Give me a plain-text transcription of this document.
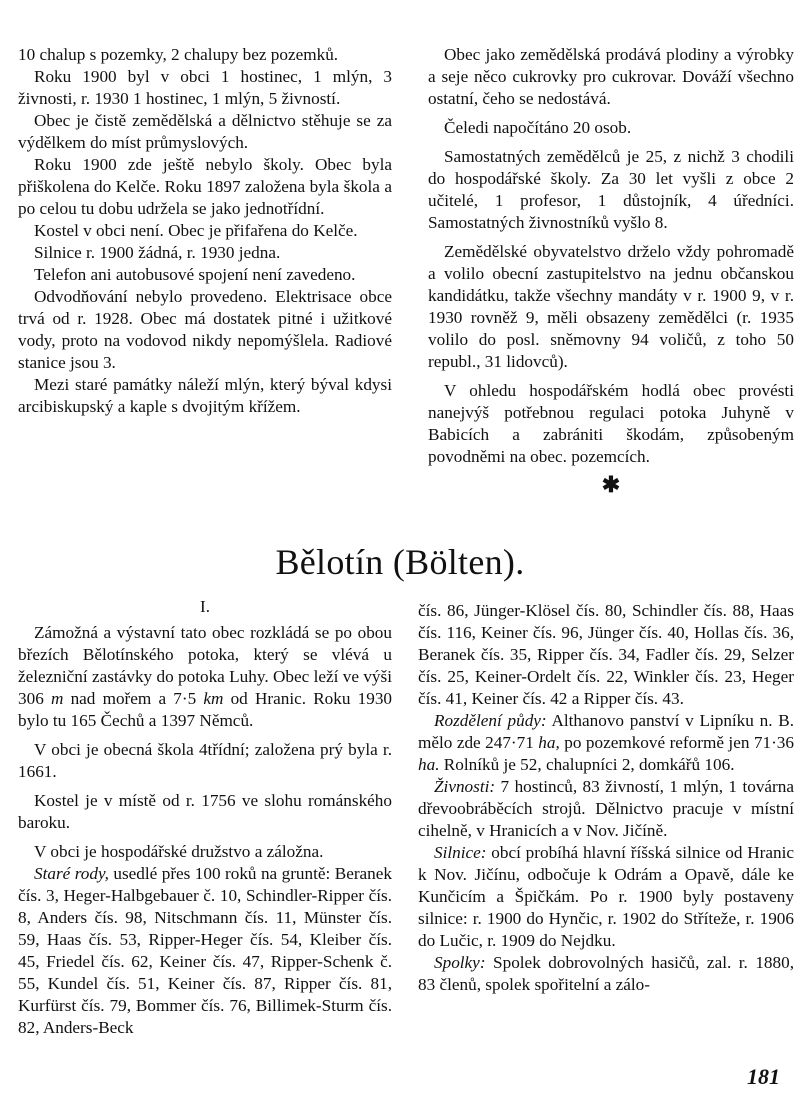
10 chalup s pozemky, 2 chalupy bez pozemků.

Roku 1900 byl v obci 1 hostinec, 1 mlýn, 3 živnosti, r. 1930 1 hostinec, 1 mlýn, 5 živností.

Obec je čistě zemědělská a dělnictvo stěhuje se za výdělkem do míst průmyslových.

Roku 1900 zde ještě nebylo školy. Obec byla přiškolena do Kelče. Roku 1897 založena byla škola a po celou tu dobu udržela se jako jednotřídní.

Kostel v obci není. Obec je přifařena do Kelče.

Silnice r. 1900 žádná, r. 1930 jedna.

Telefon ani autobusové spojení není zavedeno.

Odvodňování nebylo provedeno. Elektrisace obce trvá od r. 1928. Obec má dostatek pitné i užitkové vody, proto na vodovod nikdy nepomýšlela. Radiové stanice jsou 3.

Mezi staré památky náleží mlýn, který býval kdysi arcibiskupský a kaple s dvojitým křížem.

Obec jako zemědělská prodává plodiny a výrobky a seje něco cukrovky pro cukrovar. Dováží všechno ostatní, čeho se nedostává.

Čeledi napočítáno 20 osob.

Samostatných zemědělců je 25, z nichž 3 chodili do hospodářské školy. Za 30 let vyšli z obce 2 učitelé, 1 profesor, 1 důstojník, 4 úředníci. Samostatných živnostníků vyšlo 8.

Zemědělské obyvatelstvo drželo vždy pohromadě a volilo obecní zastupitelstvo na jednu občanskou kandidátku, takže všechny mandáty v r. 1900 9, v r. 1930 rovněž 9, měli obsazeny zemědělci (r. 1935 volilo do posl. sněmovny 94 voličů, z toho 50 republ., 31 lidovců).

V ohledu hospodářském hodlá obec provésti nanejvýš potřebnou regulaci potoka Juhyně v Babicích a zabrániti škodám, způsobeným povodněmi na obec. pozemcích.

✱
Bělotín (Bölten).
I.

Zámožná a výstavní tato obec rozkládá se po obou březích Bělotínského potoka, který se vlévá u železniční zastávky do potoka Luhy. Obec leží ve výši 306 m nad mořem a 7·5 km od Hranic. Roku 1930 bylo tu 165 Čechů a 1397 Němců.

V obci je obecná škola 4třídní; založena prý byla r. 1661.

Kostel je v místě od r. 1756 ve slohu románského baroku.

V obci je hospodářské družstvo a záložna.

Staré rody, usedlé přes 100 roků na gruntě: Beranek čís. 3, Heger-Halbgebauer č. 10, Schindler-Ripper čís. 8, Anders čís. 98, Nitschmann čís. 11, Münster čís. 59, Haas čís. 53, Ripper-Heger čís. 54, Kleiber čís. 45, Friedel čís. 62, Keiner čís. 47, Ripper-Schenk č. 55, Kundel čís. 51, Keiner čís. 87, Ripper čís. 81, Kurfürst čís. 79, Bommer čís. 76, Billimek-Sturm čís. 82, Anders-Beck

čís. 86, Jünger-Klösel čís. 80, Schindler čís. 88, Haas čís. 116, Keiner čís. 96, Jünger čís. 40, Hollas čís. 36, Beranek čís. 35, Ripper čís. 34, Fadler čís. 29, Selzer čís. 25, Keiner-Ordelt čís. 22, Winkler čís. 23, Heger čís. 41, Keiner čís. 42 a Ripper čís. 43.

Rozdělení půdy: Althanovo panství v Lipníku n. B. mělo zde 247·71 ha, po pozemkové reformě jen 71·36 ha. Rolníků je 52, chalupníci 2, domkářů 106.

Živnosti: 7 hostinců, 83 živností, 1 mlýn, 1 továrna dřevoobráběcích strojů. Dělnictvo pracuje v místní cihelně, v Hranicích a v Nov. Jičíně.

Silnice: obcí probíhá hlavní říšská silnice od Hranic k Nov. Jičínu, odbočuje k Odrám a Opavě, dále ke Kunčicím a Špičkám. Po r. 1900 byly postaveny silnice: r. 1900 do Hynčic, r. 1902 do Střítеže, r. 1906 do Lučic, r. 1909 do Nejdku.

Spolky: Spolek dobrovolných hasičů, zal. r. 1880, 83 členů, spolek spořitelní a zálo-

181
